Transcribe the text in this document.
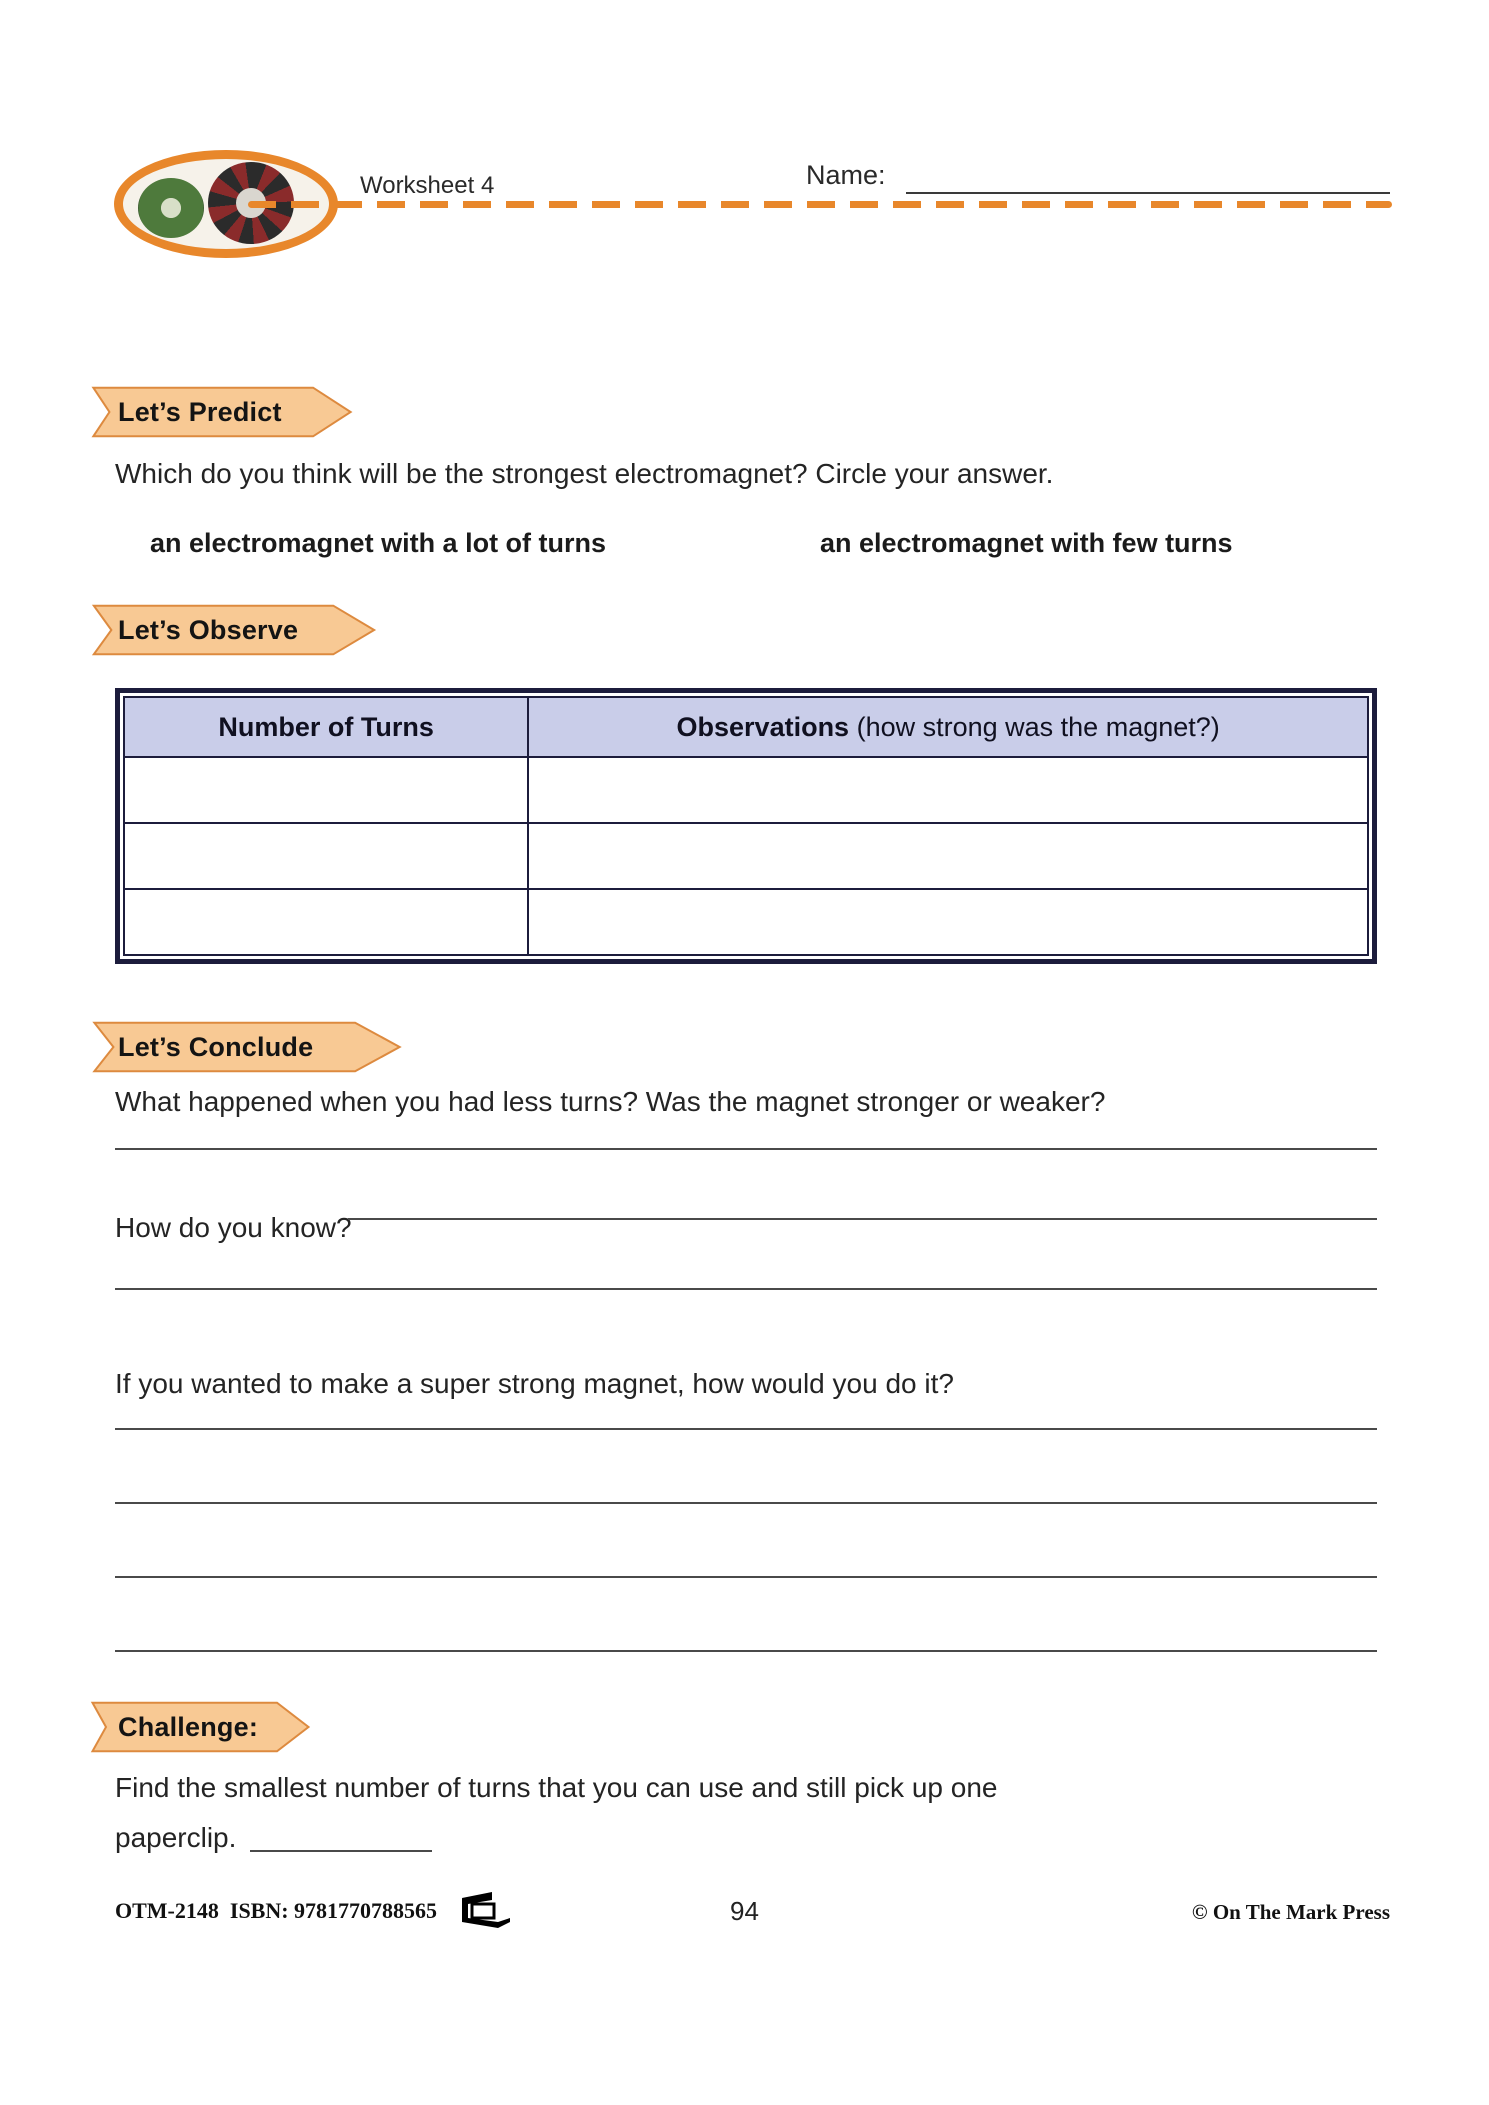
Worksheet 4	Name:
Let’s Predict
Which do you think will be the strongest electromagnet? Circle your answer.
an electromagnet with a lot of turns	an electromagnet with few turns
Let’s Observe
Number of Turns	Observations (how strong was the magnet?)

Let’s Conclude
What happened when you had less turns? Was the magnet stronger or weaker?
How do you know?
If you wanted to make a super strong magnet, how would you do it?
Challenge:
Find the smallest number of turns that you can use and still pick up one
paperclip.
OTM-2148  ISBN: 9781770788565	94	© On The Mark Press
